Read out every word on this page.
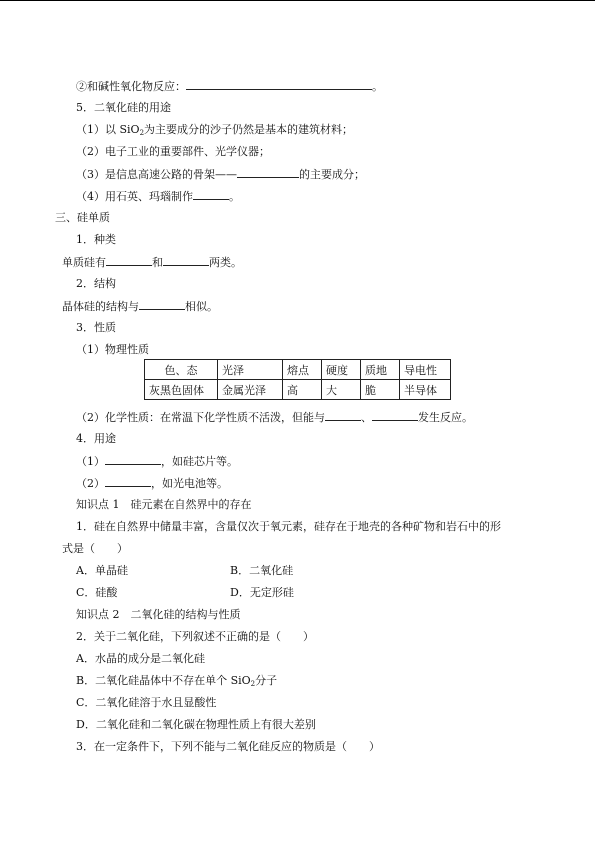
②和碱性氧化物反应：	。
5．二氧化硅的用途
（1）以 SiO$_2$为主要成分的沙子仍然是基本的建筑材料；
（2）电子工业的重要部件、光学仪器；
（3）是信息高速公路的骨架——	的主要成分；
（4）用石英、玛瑙制作	。
三、硅单质
1．种类
单质硅有	和	两类。
2．结构
晶体硅的结构与	相似。
3．性质
（1）物理性质
色、态	光泽	熔点	硬度	质地	导电性
灰黑色固体	金属光泽	高	大	脆	半导体
（2）化学性质：在常温下化学性质不活泼，但能与	、	发生反应。
4．用途
（1）	，如硅芯片等。
（2）	，如光电池等。
知识点 1　硅元素在自然界中的存在
1．硅在自然界中储量丰富，含量仅次于氧元素，硅存在于地壳的各种矿物和岩石中的形
式是（　　）
A．单晶硅	B．二氧化硅
C．硅酸	D．无定形硅
知识点 2　二氧化硅的结构与性质
2．关于二氧化硅，下列叙述不正确的是（　　）
A．水晶的成分是二氧化硅
B．二氧化硅晶体中不存在单个 SiO$_2$分子
C．二氧化硅溶于水且显酸性
D．二氧化硅和二氧化碳在物理性质上有很大差别
3．在一定条件下，下列不能与二氧化硅反应的物质是（　　）
